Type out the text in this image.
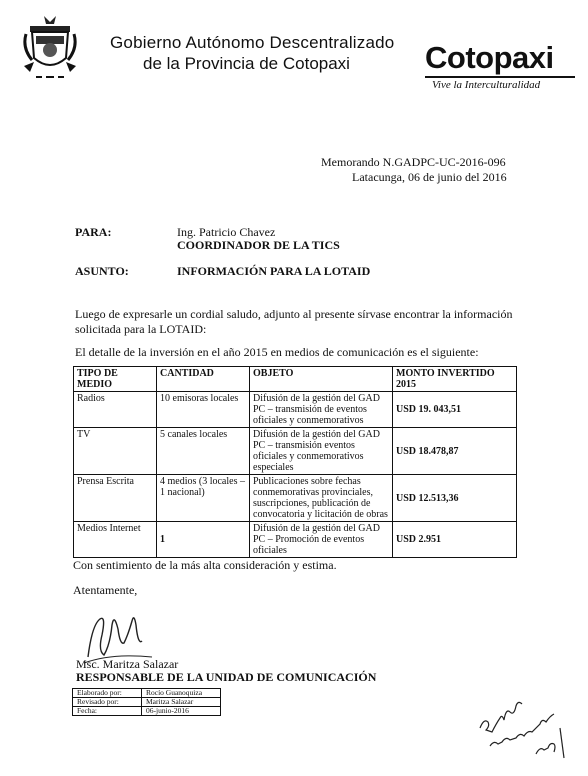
Gobierno Autónomo Descentralizado
de la Provincia de Cotopaxi Cotopaxi
Vive la Interculturalidad
Memorando N.GADPC-UC-2016-096
Latacunga, 06 de junio del 2016
PARA:	Ing. Patricio Chavez
COORDINADOR DE LA TICS
ASUNTO:	INFORMACIÓN PARA LA LOTAID
Luego de expresarle un cordial saludo, adjunto al presente sírvase encontrar la información solicitada para la LOTAID:
El detalle de la inversión en el año 2015 en medios de comunicación es el siguiente:
TIPO DE MEDIO	CANTIDAD	OBJETO	MONTO INVERTIDO 2015
Radios	10 emisoras locales	Difusión de la gestión del GAD PC – transmisión de eventos oficiales y conmemorativos	USD 19. 043,51
TV	5 canales locales	Difusión de la gestión del GAD PC – transmisión eventos oficiales y conmemorativos especiales	USD 18.478,87
Prensa Escrita	4 medios (3 locales – 1 nacional)	Publicaciones sobre fechas conmemorativas provinciales, suscripciones, publicación de convocatoria y licitación de obras	USD 12.513,36
Medios Internet	1	Difusión de la gestión del GAD PC – Promoción de eventos oficiales	USD 2.951
Con sentimiento de la más alta consideración y estima.
Atentamente,
Msc. Maritza Salazar
RESPONSABLE DE LA UNIDAD DE COMUNICACIÓN
Elaborado por:	Rocío Guanoquiza
Revisado por:	Maritza Salazar
Fecha:	06-junio-2016
